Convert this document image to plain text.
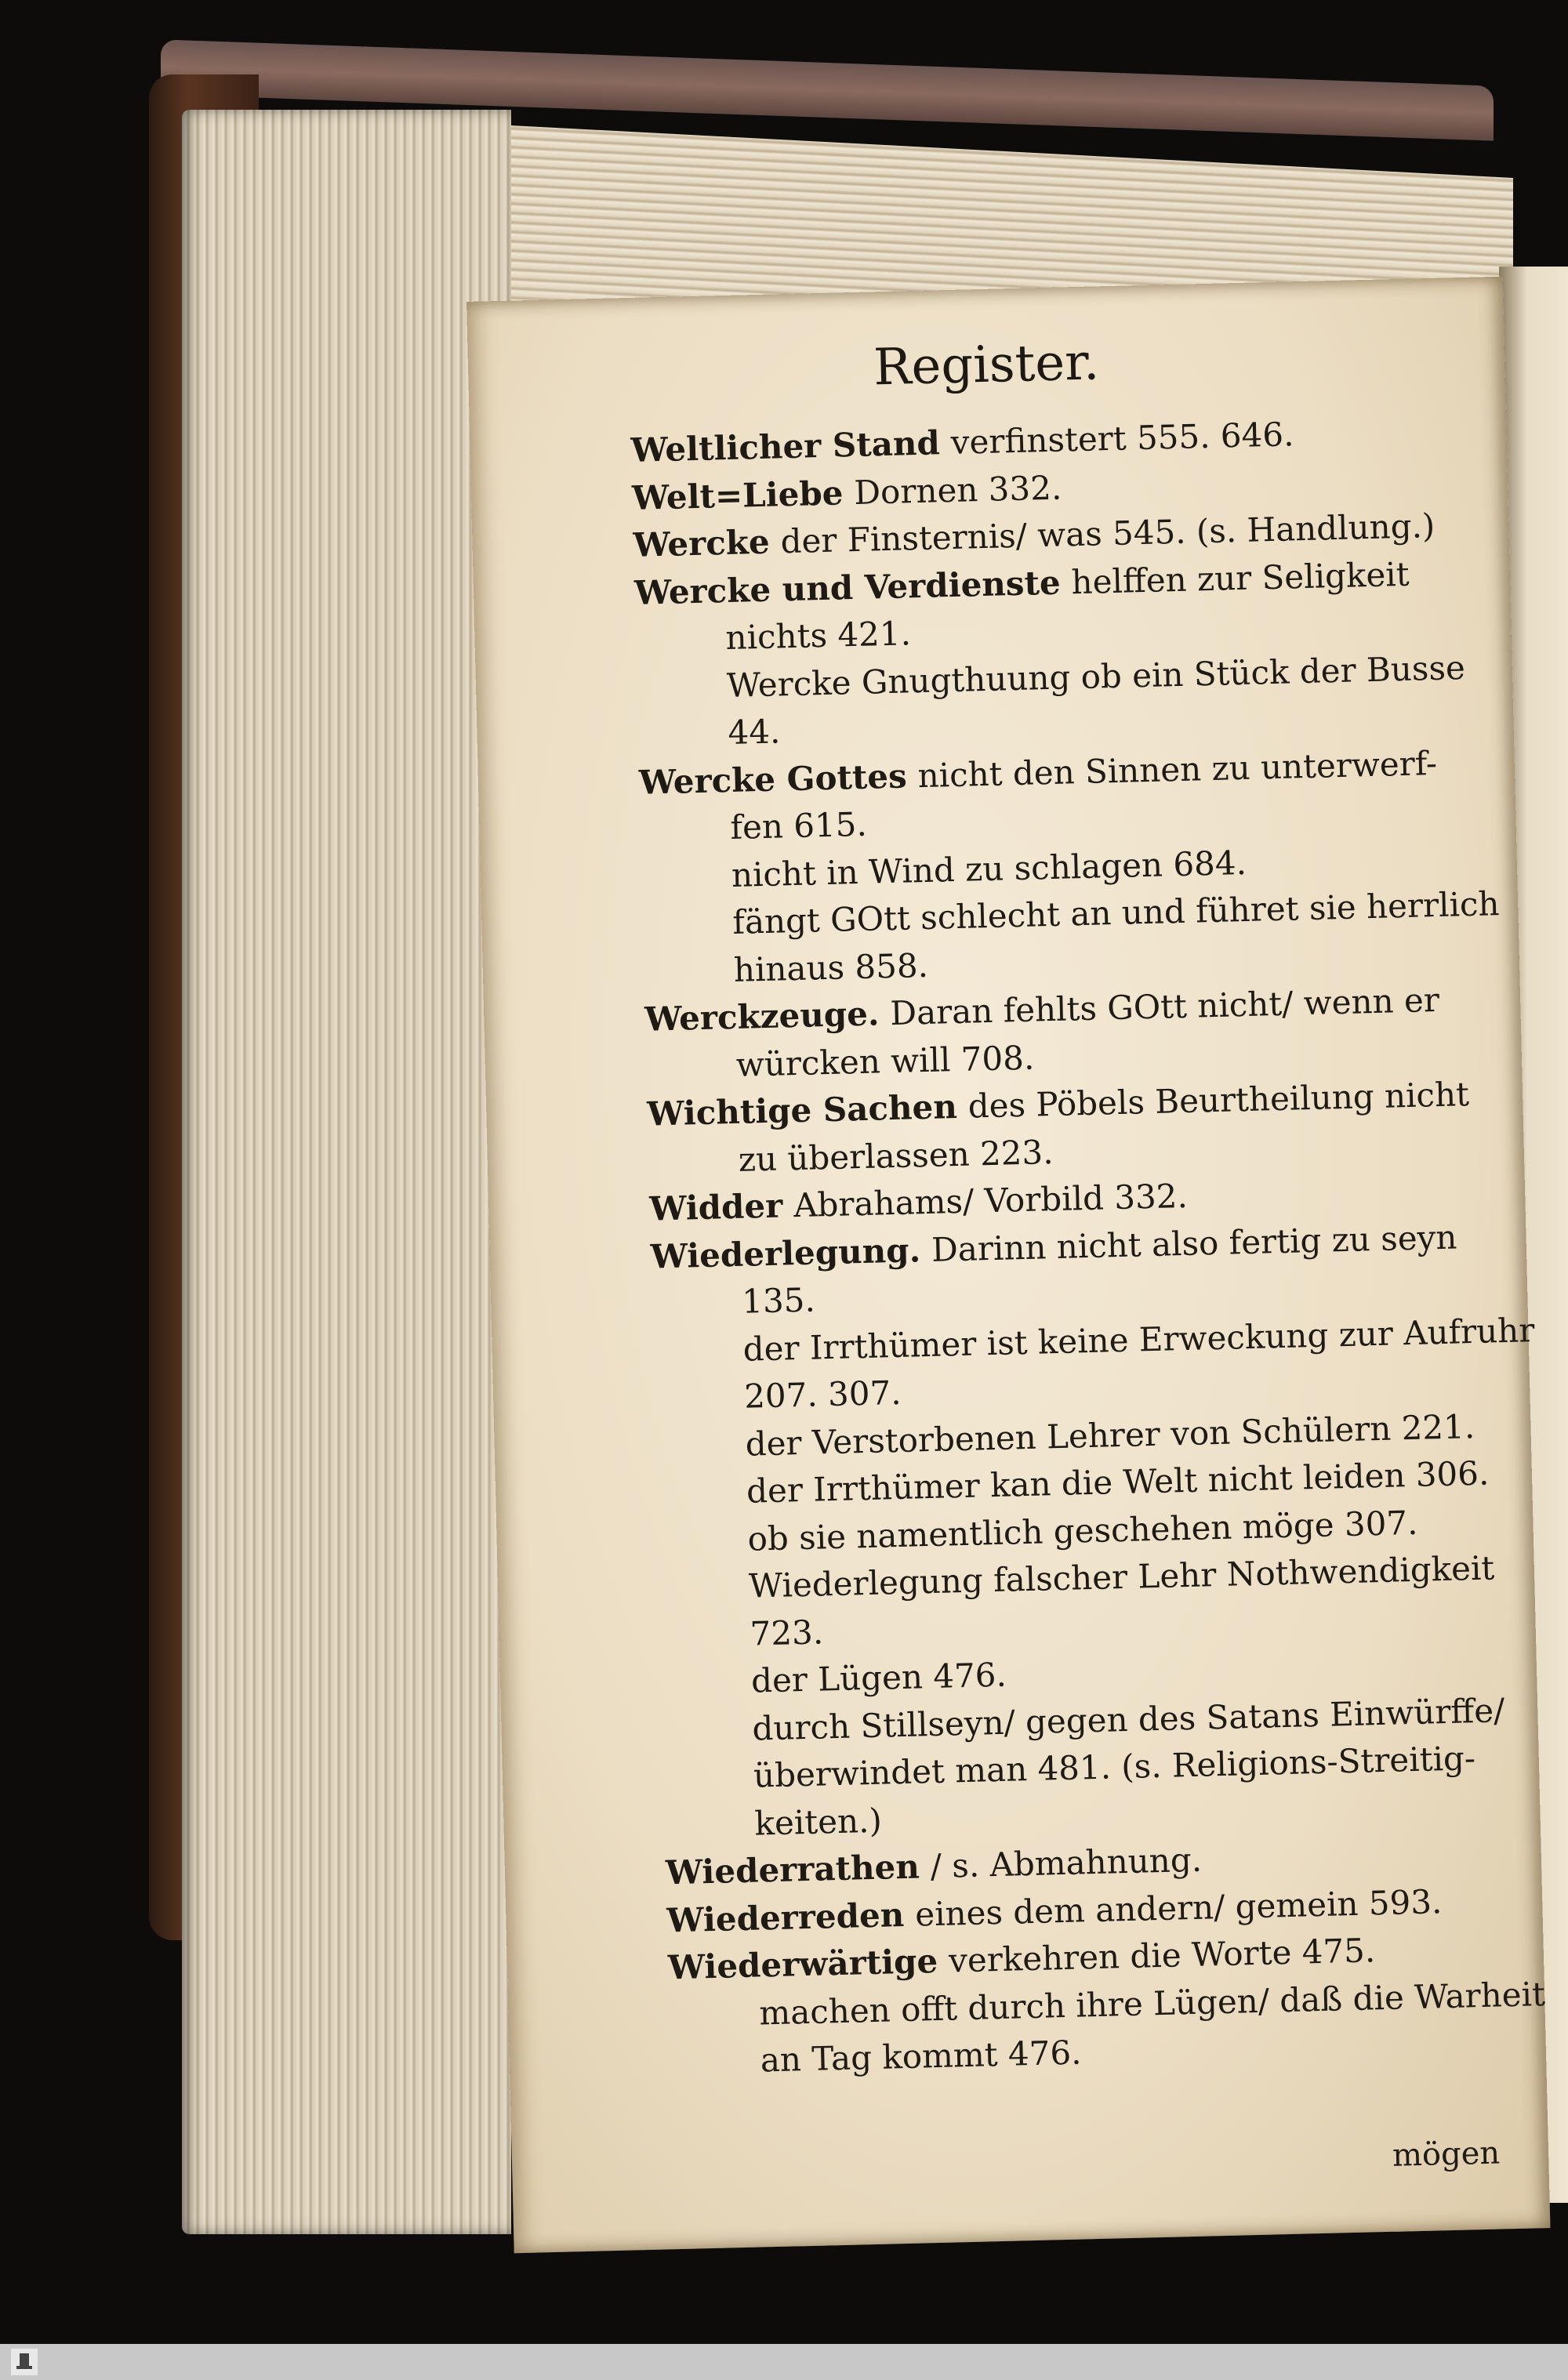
Register.
Weltlicher Stand verfinstert 555. 646.
Welt=Liebe Dornen 332.
Wercke der Finsternis/ was 545. (s. Handlung.)
Wercke und Verdienste helffen zur Seligkeit
nichts 421.
Wercke Gnugthuung ob ein Stück der Busse
44.
Wercke Gottes nicht den Sinnen zu unterwerf-
fen 615.
nicht in Wind zu schlagen 684.
fängt GOtt schlecht an und führet sie herrlich
hinaus 858.
Werckzeuge. Daran fehlts GOtt nicht/ wenn er
würcken will 708.
Wichtige Sachen des Pöbels Beurtheilung nicht
zu überlassen 223.
Widder Abrahams/ Vorbild 332.
Wiederlegung. Darinn nicht also fertig zu seyn
135.
der Irrthümer ist keine Erweckung zur Aufruhr
207. 307.
der Verstorbenen Lehrer von Schülern 221.
der Irrthümer kan die Welt nicht leiden 306.
ob sie namentlich geschehen möge 307.
Wiederlegung falscher Lehr Nothwendigkeit
723.
der Lügen 476.
durch Stillseyn/ gegen des Satans Einwürffe/
überwindet man 481. (s. Religions-Streitig-
keiten.)
Wiederrathen / s. Abmahnung.
Wiederreden eines dem andern/ gemein 593.
Wiederwärtige verkehren die Worte 475.
machen offt durch ihre Lügen/ daß die Warheit
an Tag kommt 476.
mögen
